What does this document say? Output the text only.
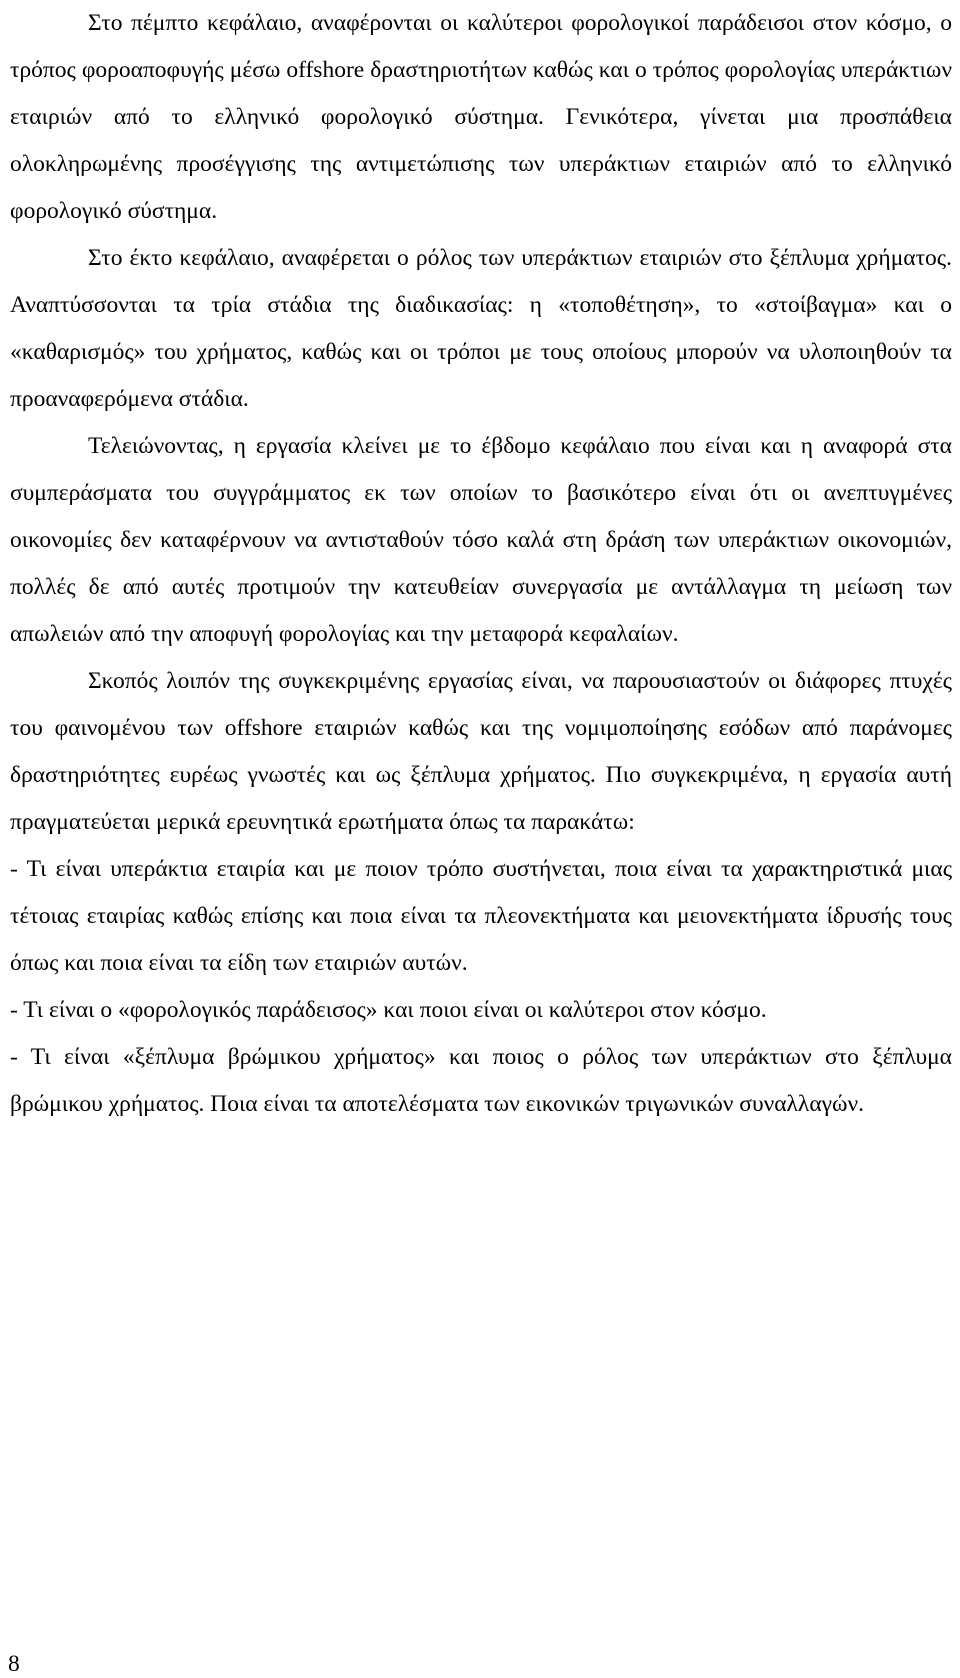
Στο πέμπτο κεφάλαιο, αναφέρονται οι καλύτεροι φορολογικοί παράδεισοι στον κόσμο, ο τρόπος φοροαποφυγής μέσω offshore δραστηριοτήτων καθώς και ο τρόπος φορολογίας υπεράκτιων εταιριών από το ελληνικό φορολογικό σύστημα. Γενικότερα, γίνεται μια προσπάθεια ολοκληρωμένης προσέγγισης της αντιμετώπισης των υπεράκτιων εταιριών από το ελληνικό φορολογικό σύστημα.

Στο έκτο κεφάλαιο, αναφέρεται ο ρόλος των υπεράκτιων εταιριών στο ξέπλυμα χρήματος. Αναπτύσσονται τα τρία στάδια της διαδικασίας: η «τοποθέτηση», το «στοίβαγμα» και ο «καθαρισμός» του χρήματος, καθώς και οι τρόποι με τους οποίους μπορούν να υλοποιηθούν τα προαναφερόμενα στάδια.

Τελειώνοντας, η εργασία κλείνει με το έβδομο κεφάλαιο που είναι και η αναφορά στα συμπεράσματα του συγγράμματος εκ των οποίων το βασικότερο είναι ότι οι ανεπτυγμένες οικονομίες δεν καταφέρνουν να αντισταθούν τόσο καλά στη δράση των υπεράκτιων οικονομιών, πολλές δε από αυτές προτιμούν την κατευθείαν συνεργασία με αντάλλαγμα τη μείωση των απωλειών από την αποφυγή φορολογίας και την μεταφορά κεφαλαίων.

Σκοπός λοιπόν της συγκεκριμένης εργασίας είναι, να παρουσιαστούν οι διάφορες πτυχές του φαινομένου των offshore εταιριών καθώς και της νομιμοποίησης εσόδων από παράνομες δραστηριότητες ευρέως γνωστές και ως ξέπλυμα χρήματος. Πιο συγκεκριμένα, η εργασία αυτή πραγματεύεται μερικά ερευνητικά ερωτήματα όπως τα παρακάτω:

- Τι είναι υπεράκτια εταιρία και με ποιον τρόπο συστήνεται, ποια είναι τα χαρακτηριστικά μιας τέτοιας εταιρίας καθώς επίσης και ποια είναι τα πλεονεκτήματα και μειονεκτήματα ίδρυσής τους όπως και ποια είναι τα είδη των εταιριών αυτών.

- Τι είναι ο «φορολογικός παράδεισος» και ποιοι είναι οι καλύτεροι στον κόσμο.

- Τι είναι «ξέπλυμα βρώμικου χρήματος» και ποιος ο ρόλος των υπεράκτιων στο ξέπλυμα βρώμικου χρήματος. Ποια είναι τα αποτελέσματα των εικονικών τριγωνικών συναλλαγών.

8
